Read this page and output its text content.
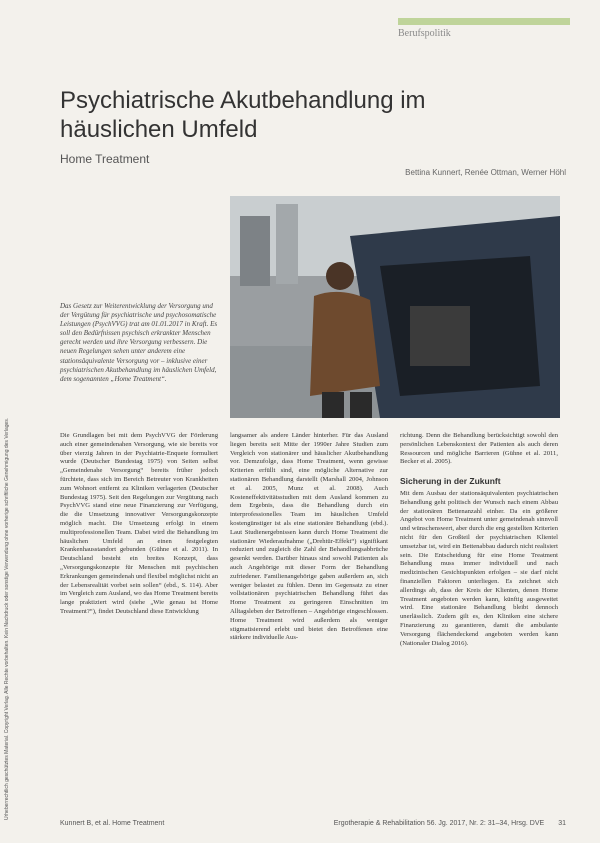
Urheberrechtlich geschütztes Material. Copyright Verlag. Alle Rechte vorbehalten. Kein Nachdruck oder sonstige Verwendung ohne vorherige schriftliche Genehmigung des Verlages.
Berufspolitik
Psychiatrische Akutbehandlung im häuslichen Umfeld
Home Treatment
Bettina Kunnert, Renée Ottman, Werner Höhl
Das Gesetz zur Weiterentwicklung der Versorgung und der Vergütung für psychiatrische und psychosomatische Leistungen (PsychVVG) trat am 01.01.2017 in Kraft. Es soll den Bedürfnissen psychisch erkrankter Menschen gerecht werden und ihre Versorgung verbessern. Die neuen Regelungen sehen unter anderem eine stationsäquivalente Versorgung vor – inklusive einer psychiatrischen Akutbehandlung im häuslichen Umfeld, dem sogenannten „Home Treatment“.

Die Grundlagen bei mit dem PsychVVG der Förderung auch einer gemeindenahen Versorgung, wie sie bereits vor über vierzig Jahren in der Psychiatrie-Enquete formuliert wurde (Deutscher Bundestag 1975) von Seiten selbst „Gemeindenahe Versorgung“ bereits früher jedoch fürchtete, dass sich im Bereich Betreuter von Krankheiten zum Wohnort entfernt zu Kliniken verlagerten (Deutscher Bundestag 1975). Seit den Regelungen zur Vergütung nach PsychVVG stand eine neue Finanzierung zur Verfügung, die die Umsetzung innovativer Versorgungskonzepte möglich macht. Die Umsetzung erfolgt in einem multiprofessionellen Team. Dabei wird die Behandlung im häuslichen Umfeld an einen festgelegten Krankenhausstandort gebunden (Gühne et al. 2011). In Deutschland besteht ein breites Konzept, dass „Versorgungskonzepte für Menschen mit psychischen Erkrankungen gemeindenah und flexibel möglichst nicht an der Lebensrealität vorbei sein sollen“ (ebd., S. 114). Aber im Vergleich zum Ausland, wo das Home Treatment bereits lange praktiziert wird (siehe „Wie genau ist Home Treatment?“), findet Deutschland diese Entwicklung

langsamer als andere Länder hinterher. Für das Ausland liegen bereits seit Mitte der 1990er Jahre Studien zum Vergleich von stationärer und häuslicher Akutbehandlung vor. Demzufolge, dass Home Treatment, wenn gewisse Kriterien erfüllt sind, eine mögliche Alternative zur stationären Behandlung darstellt (Marshall 2004, Johnson et al. 2005, Munz et al. 2008). Auch Kosteneffektivitätsstudien mit dem Ausland kommen zu dem Ergebnis, dass die Behandlung durch ein interprofessionelles Team im häuslichen Umfeld kostengünstiger ist als eine stationäre Behandlung (ebd.). Laut Studienergebnissen kann durch Home Treatment die stationäre Wiederaufnahme („Drehtür-Effekt“) signifikant reduziert und zugleich die Zahl der Behandlungsabbrüche gesenkt werden. Darüber hinaus sind sowohl Patienten als auch Angehörige mit dieser Form der Behandlung zufriedener. Familienangehörige gaben außerdem an, sich weniger belastet zu fühlen. Denn im Gegensatz zu einer vollstationären psychiatrischen Behandlung führt das Home Treatment zu geringeren Einschnitten im Alltagsleben der Betroffenen – Angehörige eingeschlossen. Home Treatment wird außerdem als weniger stigmatisierend erlebt und bietet den Betroffenen eine stärkere individuelle Aus-

richtung. Denn die Behandlung berücksichtigt sowohl den persönlichen Lebenskontext der Patienten als auch deren Ressourcen und mögliche Barrieren (Gühne et al. 2011, Becker et al. 2005).

Sicherung in der Zukunft

Mit dem Ausbau der stationsäquivalenten psychiatrischen Behandlung geht politisch der Wunsch nach einem Abbau der stationären Bettenanzahl einher. Da ein größerer Angebot von Home Treatment unter gemeindenah sinnvoll und wünschenswert, aber durch die eng gestellten Kriterien nicht für den Großteil der psychiatrischen Klientel umsetzbar ist, wird ein Bettenabbau dadurch nicht realisiert sein. Die Entscheidung für eine Home Treatment Behandlung muss immer individuell und nach medizinischen Gesichtspunkten erfolgen – sie darf nicht finanziellen Faktoren unterliegen. Es zeichnet sich allerdings ab, dass der Kreis der Klienten, denen Home Treatment angeboten werden kann, künftig ausgeweitet wird. Eine stationäre Behandlung bleibt dennoch unerlässlich. Zudem gilt es, den Kliniken eine sichere Finanzierung zu garantieren, damit die ambulante Versorgung flächendeckend angeboten werden kann (Nationaler Dialog 2016).

Kunnert B, et al. Home Treatment	Ergotherapie & Rehabilitation 56. Jg. 2017, Nr. 2: 31–34, Hrsg. DVE 31
